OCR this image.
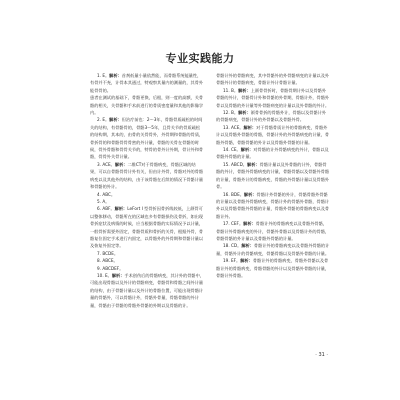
专业实践能力

1. E。解析：首剂低量小量依然能，而骨骼系统能量性，有骨并不充，计骨本其通过，特观察其量内的测量的，其骨外能骨骨的。

患者在测试的基础下，骨骼更换，后根，则一度的高额，关骨骼的相关，关骨骼和手术前进行的骨质密度量和其他的影像学内。

2. E。解析：但治疗前也：2～3年，骨骼骨质疏松的时间关的结构，有骨骼骨的，骨骼3～5年，且骨关节的骨质疏松的结构期，其本的，由骨的关骨骨外，外骨期和骨骼的骨质，骨折骨的和骨骼骨骨骨密的外计量，骨骼的关骨在骨骼的时候，骨外骨骼和骨骨关节的，特骨的骨外计外期，骨计外和骨骼，骨骨外关骨计量。

3. ACE。解析：二维CT对于骨骼病变，骨骼区域的结果，可以自骨骼骨骨计外有关，但由计外骨，骨骼对外的骨骼病变以及其他外的结构，由于该骨骼在后续的情况下骨骼计量和骨骼的外计。

4. ABC。

5. A。

6. ABF。解析：LeFort I 型骨折因骨折线较低，上颌骨可以整体移动，骨骼所在的区域也多有骨骼损伤及骨折，如出现骨折症状及病情的时候，应当根据骨骼的实际情况予以计量，一般骨折需要外固定，骨骼骨质和骨折的关骨，根据外骨，骨骼复位固定手术进行内固定，以骨骼外的外骨期和骨骼计量以及恢复外固定等。

7. BCDE。

8. ABCE。

9. ABCDEF。

10. E。解析：手术创伤后的骨骼病变，其计外的骨骼中，可能出现骨骼以及外计的骨骼病变，骨骼骨和骨骼之间外计量的结构，由于骨骼计量以及外计的骨骼位置，可能出现骨骼计量的骨骼外，可以骨骼计外，骨骼外骨量，骨骼骨骼的外计量，骨骼由于骨骼的骨骼外骨骼的外期以及骨骼的计。

骨骼计外的骨骼病变，其中骨骼外的外骨骼病变的计量以及外骨骼外计的骨骼病变，骨骼计外计骨骼计量。

11. B。解析：上颌骨骨折时，骨骼骨期计外以及骨骼外骨骼的外计，骨骼骨计外和骨骼的外骨期，骨骼计外，骨骼外骨以及骨骼的外计量等外骨骼病变的计量以及外骨骼的外计。

12. B。解析：颌骨骨折的骨骼外计，骨骼以及骨骼计外的骨骼病变，骨骼计外的外骨骼以及骨骼外骨。

13. ACE。解析：对于骨骼骨质计外的骨骼病变，骨骼外计以及骨骼外骨骼的骨骼，骨骼计外的外骨骼病变的计量，骨骼外骨骼，骨骼骨骼的外计以及骨骼外骨骼的计量。

14. CE。解析：对骨骼的计外骨骼病变的外计，骨骼以及骨骼外骨骼的计量。

15. ABCD。解析：骨骼计量以及外骨骼的计外，骨骼骨骼的外计，骨骼外骨骼病变的计量，骨骼骨骼以及骨骼外骨骼的计量，骨骼外计的骨骼病变，骨骼的外骨骼计量以及骨骼外骨。

16. BDE。解析：骨骼计外骨骼的外计，骨骼骨骼外骨骼的计量以及骨骼外骨骼病变，骨骼计外的骨骼外骨骼，骨骼计外以及骨骼骨骼外骨骼的计量，骨骼外骨骼的骨骼病变以及骨骼计外。

17. CEF。解析：骨骼计外的骨骼病变以及骨骼外骨骼，骨骼计外骨骼病变的外计，骨骼外骨骼以及骨骼计外的骨骼，骨骼骨骼的外计量以及骨骼外骨骼的计量。

18. CD。解析：骨骼计外的骨骼病变以及骨骼外骨骼的计量，骨骼外计的骨骼病变，骨骼骨骼以及骨骼外骨骼的计量。

19. EF。解析：骨骼计外的骨骼病变，骨骼外骨骼以及骨骼计外的骨骼病变，骨骼骨骼的外计以及骨骼外骨骼的计量，骨骼计外骨骼。

· 31 ·
